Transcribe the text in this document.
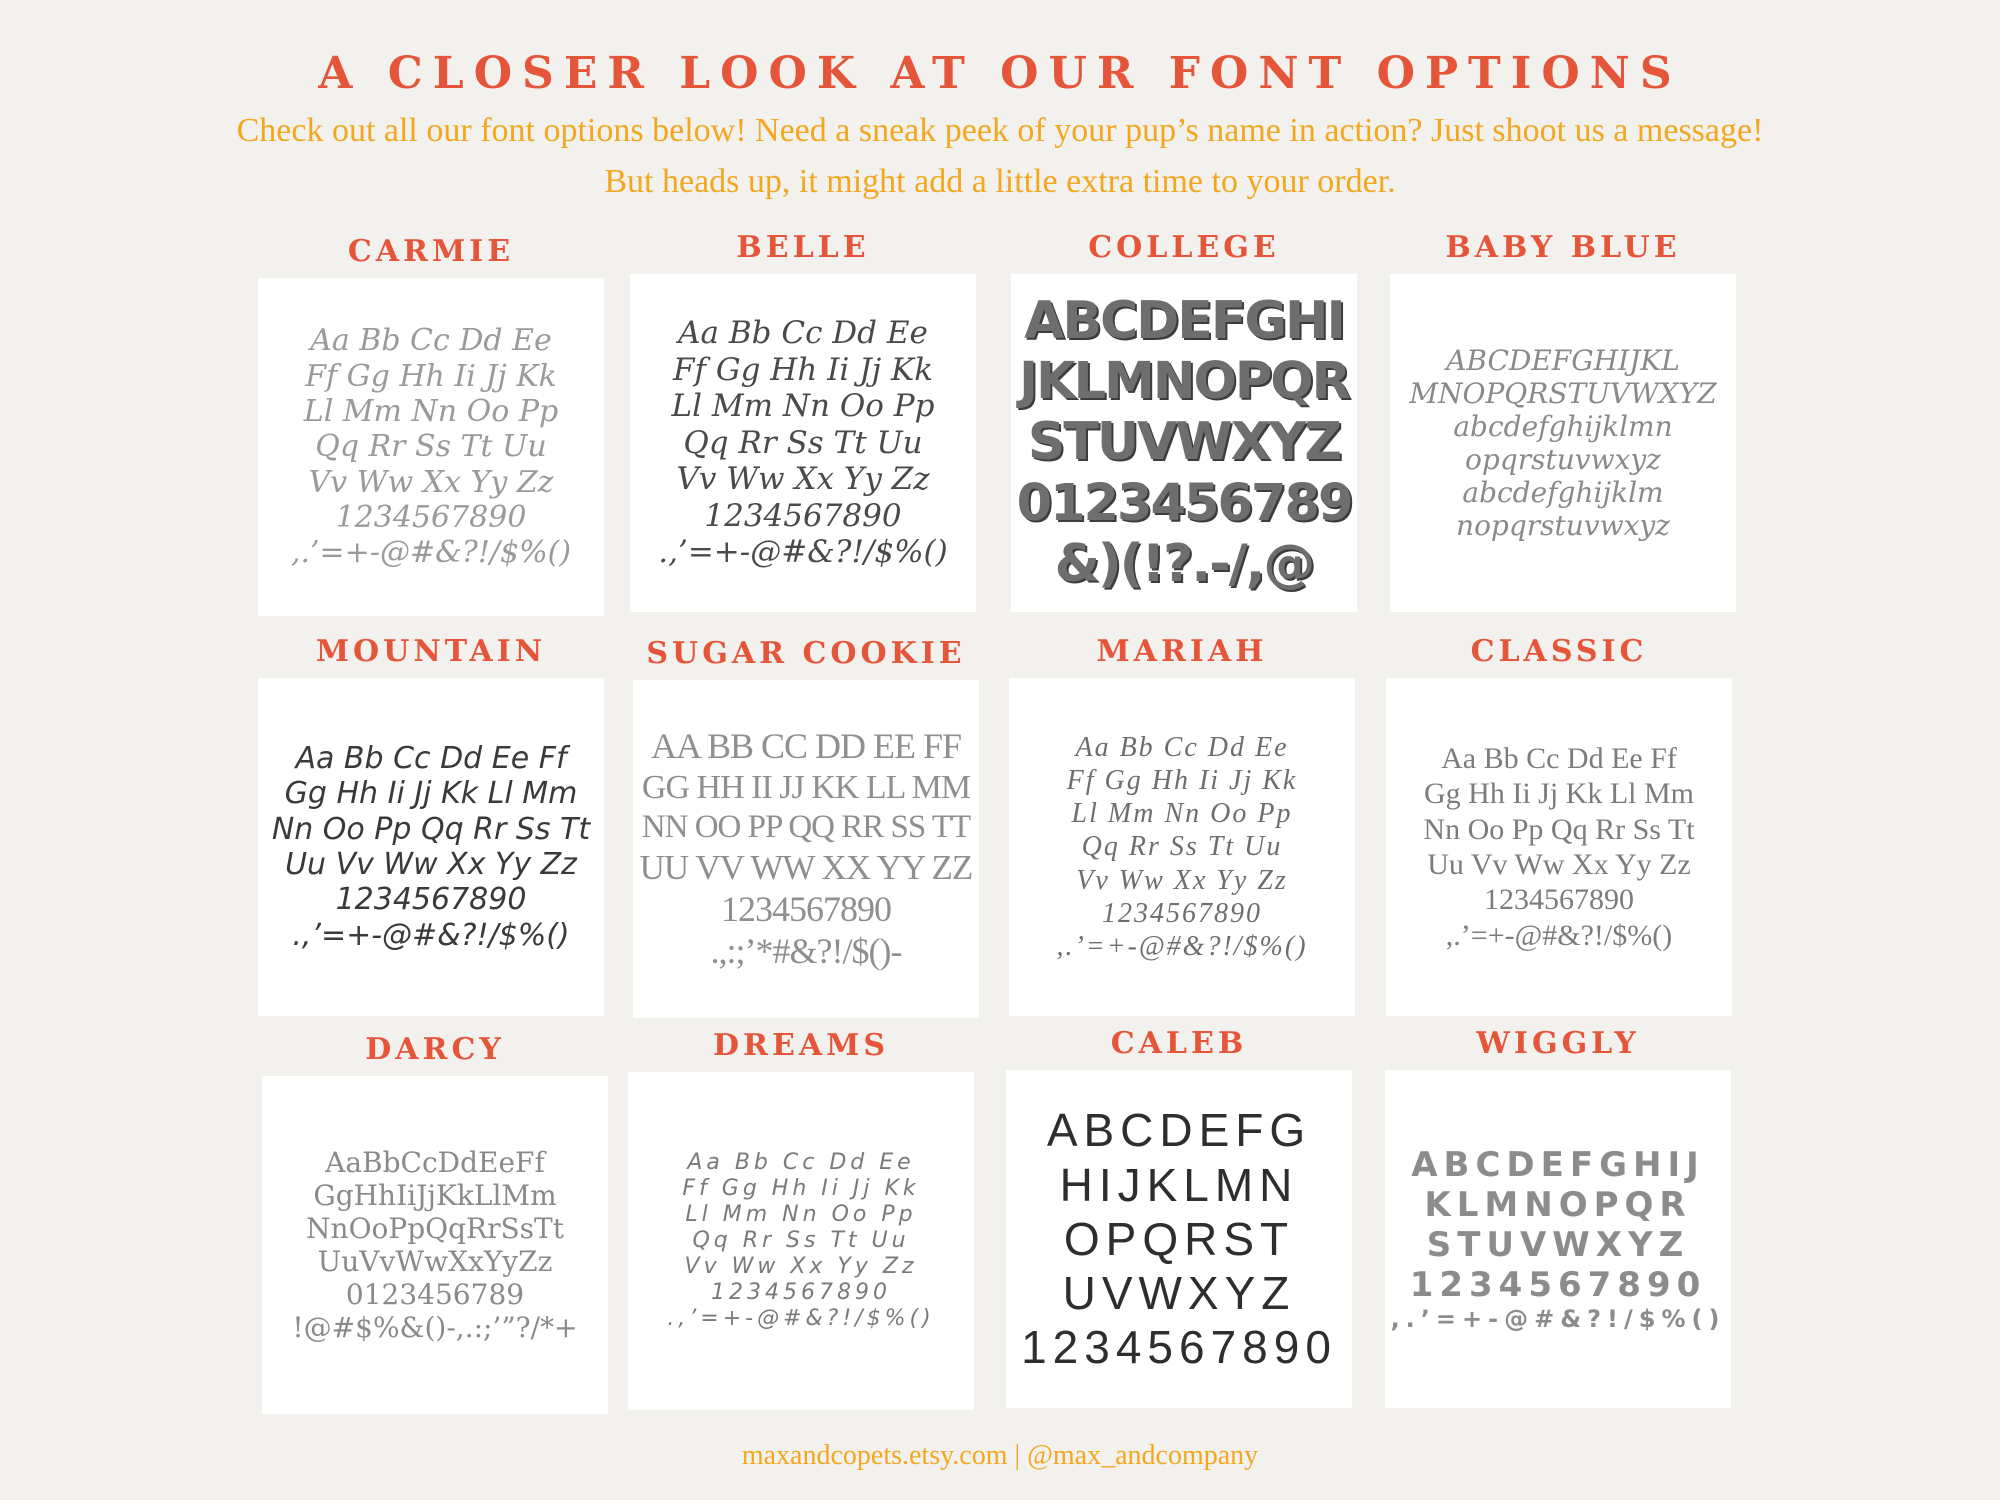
A CLOSER LOOK AT OUR FONT OPTIONS
Check out all our font options below! Need a sneak peek of your pup’s name in action? Just shoot us a message!
But heads up, it might add a little extra time to your order.
CARMIE
Aa Bb Cc Dd Ee
Ff Gg Hh Ii Jj Kk
Ll Mm Nn Oo Pp
Qq Rr Ss Tt Uu
Vv Ww Xx Yy Zz
1234567890
,.’=+-@#&?!/$%()
BELLE
Aa Bb Cc Dd Ee
Ff Gg Hh Ii Jj Kk
Ll Mm Nn Oo Pp
Qq Rr Ss Tt Uu
Vv Ww Xx Yy Zz
1234567890
.,’=+-@#&?!/$%()
COLLEGE
ABCDEFGHI
JKLMNOPQR
STUVWXYZ
0123456789
&)(!?.-/,@
BABY BLUE
ABCDEFGHIJKL
MNOPQRSTUVWXYZ
abcdefghijklmn
opqrstuvwxyz
abcdefghijklm
nopqrstuvwxyz
MOUNTAIN
Aa Bb Cc Dd Ee Ff
Gg Hh Ii Jj Kk Ll Mm
Nn Oo Pp Qq Rr Ss Tt
Uu Vv Ww Xx Yy Zz
1234567890
.,’=+-@#&?!/$%()
SUGAR COOKIE
AA BB CC DD EE FF
GG HH II JJ KK LL MM
NN OO PP QQ RR SS TT
UU VV WW XX YY ZZ
1234567890
.,:;’*#&?!/$()-
MARIAH
Aa Bb Cc Dd Ee
Ff Gg Hh Ii Jj Kk
Ll Mm Nn Oo Pp
Qq Rr Ss Tt Uu
Vv Ww Xx Yy Zz
1234567890
,.’=+-@#&?!/$%()
CLASSIC
Aa Bb Cc Dd Ee Ff
Gg Hh Ii Jj Kk Ll Mm
Nn Oo Pp Qq Rr Ss Tt
Uu Vv Ww Xx Yy Zz
1234567890
,.’=+-@#&?!/$%()
DARCY
AaBbCcDdEeFf
GgHhIiJjKkLlMm
NnOoPpQqRrSsTt
UuVvWwXxYyZz
0123456789
!@#$%&()-,.:;’”?/*+
DREAMS
Aa Bb Cc Dd Ee
Ff Gg Hh Ii Jj Kk
Ll Mm Nn Oo Pp
Qq Rr Ss Tt Uu
Vv Ww Xx Yy Zz
1234567890
.,’=+-@#&?!/$%()
CALEB
ABCDEFG
HIJKLMN
OPQRST
UVWXYZ
1234567890
WIGGLY
ABCDEFGHIJ
KLMNOPQR
STUVWXYZ
1234567890
,.’=+-@#&?!/$%()
maxandcopets.etsy.com | @max_andcompany
